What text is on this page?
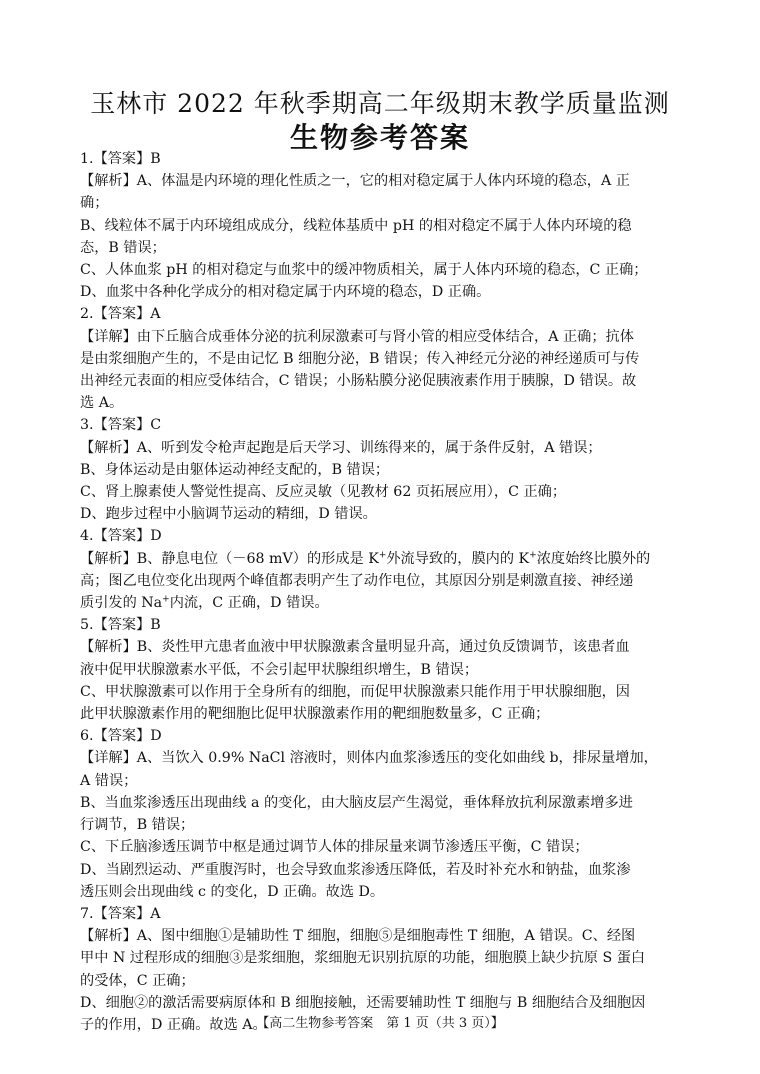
玉林市 2022 年秋季期高二年级期末教学质量监测
生物参考答案

1.【答案】B

【解析】A、体温是内环境的理化性质之一，它的相对稳定属于人体内环境的稳态，A 正

确；

B、线粒体不属于内环境组成成分，线粒体基质中 pH 的相对稳定不属于人体内环境的稳

态，B 错误；

C、人体血浆 pH 的相对稳定与血浆中的缓冲物质相关，属于人体内环境的稳态，C 正确；

D、血浆中各种化学成分的相对稳定属于内环境的稳态，D 正确。

2.【答案】A

【详解】由下丘脑合成垂体分泌的抗利尿激素可与肾小管的相应受体结合，A 正确；抗体

是由浆细胞产生的，不是由记忆 B 细胞分泌，B 错误；传入神经元分泌的神经递质可与传

出神经元表面的相应受体结合，C 错误；小肠粘膜分泌促胰液素作用于胰腺，D 错误。故

选 A。

3.【答案】C

【解析】A、听到发令枪声起跑是后天学习、训练得来的，属于条件反射，A 错误；

B、身体运动是由躯体运动神经支配的，B 错误；

C、肾上腺素使人警觉性提高、反应灵敏（见教材 62 页拓展应用），C 正确；

D、跑步过程中小脑调节运动的精细，D 错误。

4.【答案】D

【解析】B、静息电位（－68 mV）的形成是 K+外流导致的，膜内的 K+浓度始终比膜外的

高；图乙电位变化出现两个峰值都表明产生了动作电位，其原因分别是刺激直接、神经递

质引发的 Na+内流，C 正确，D 错误。

5.【答案】B

【解析】B、炎性甲亢患者血液中甲状腺激素含量明显升高，通过负反馈调节，该患者血

液中促甲状腺激素水平低，不会引起甲状腺组织增生，B 错误；

C、甲状腺激素可以作用于全身所有的细胞，而促甲状腺激素只能作用于甲状腺细胞，因

此甲状腺激素作用的靶细胞比促甲状腺激素作用的靶细胞数量多，C 正确；

6.【答案】D

【详解】A、当饮入 0.9% NaCl 溶液时，则体内血浆渗透压的变化如曲线 b，排尿量增加，

A 错误；

B、当血浆渗透压出现曲线 a 的变化，由大脑皮层产生渴觉，垂体释放抗利尿激素增多进

行调节，B 错误；

C、下丘脑渗透压调节中枢是通过调节人体的排尿量来调节渗透压平衡，C 错误；

D、当剧烈运动、严重腹泻时，也会导致血浆渗透压降低，若及时补充水和钠盐，血浆渗

透压则会出现曲线 c 的变化，D 正确。故选 D。

7.【答案】A

【解析】A、图中细胞①是辅助性 T 细胞，细胞⑤是细胞毒性 T 细胞，A 错误。C、经图

甲中 N 过程形成的细胞③是浆细胞，浆细胞无识别抗原的功能，细胞膜上缺少抗原 S 蛋白

的受体，C 正确；

D、细胞②的激活需要病原体和 B 细胞接触，还需要辅助性 T 细胞与 B 细胞结合及细胞因

子的作用，D 正确。故选 A。

【高二生物参考答案　第 1 页（共 3 页）】
